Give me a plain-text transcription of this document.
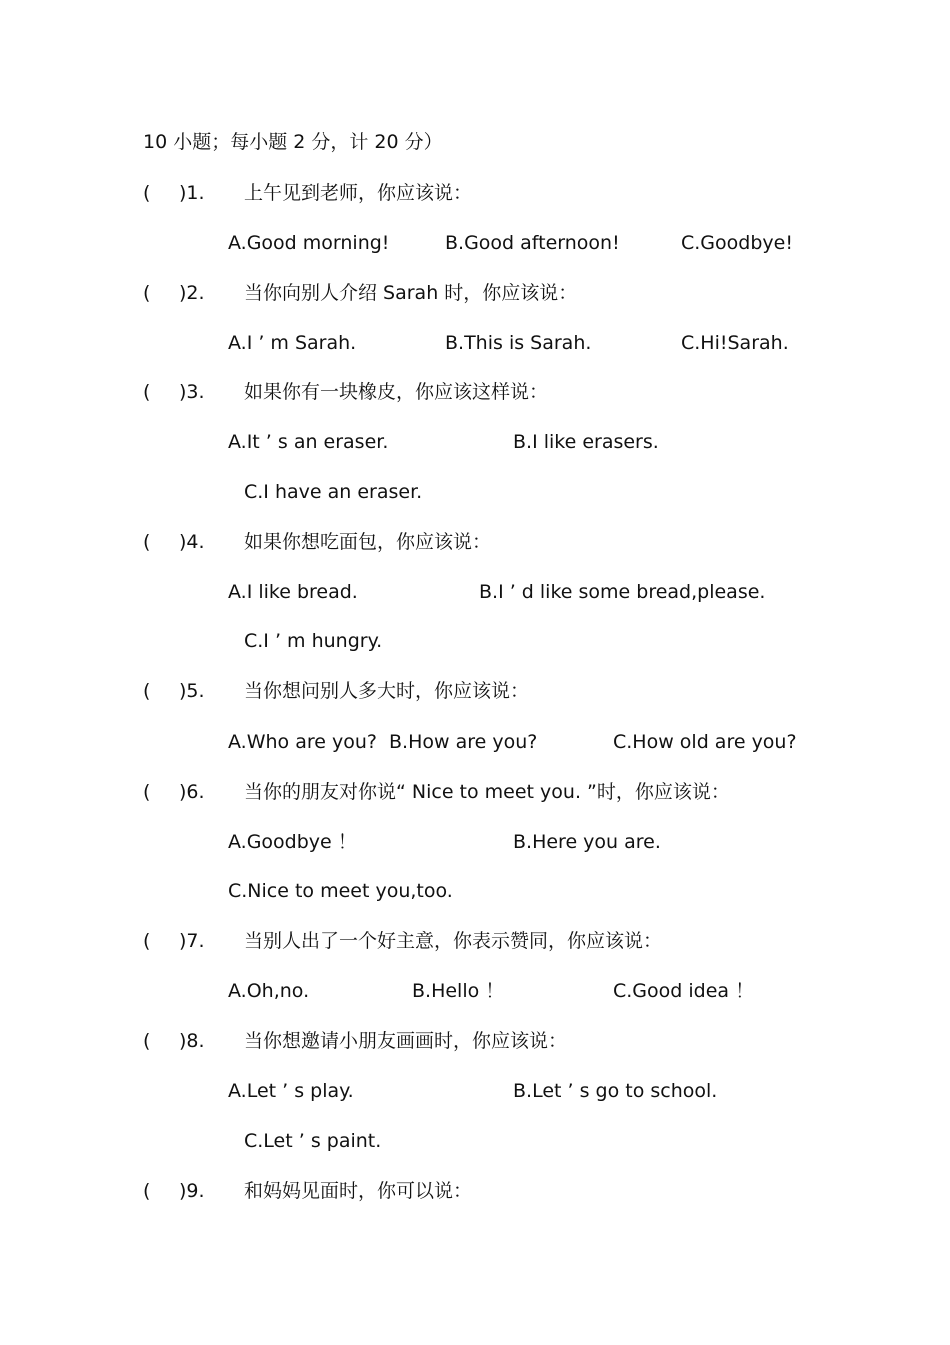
10 小题；每小题 2 分，计 20 分）
( )1. 上午见到老师，你应该说：
A.Good morning!	B.Good afternoon!	C.Goodbye!
( )2. 当你向别人介绍 Sarah 时，你应该说：
A.I ’ m Sarah.	B.This is Sarah.	C.Hi!Sarah.
( )3. 如果你有一块橡皮，你应该这样说：
A.It ’ s an eraser.	B.I like erasers.
C.I have an eraser.
( )4. 如果你想吃面包，你应该说：
A.I like bread.	B.I ’ d like some bread,please.
C.I ’ m hungry.
( )5. 当你想问别人多大时，你应该说：
A.Who are you? B.How are you?	C.How old are you?
( )6. 当你的朋友对你说“ Nice to meet you. ”时，你应该说：
A.Goodbye ！	B.Here you are.
C.Nice to meet you,too.
( )7. 当别人出了一个好主意，你表示赞同，你应该说：
A.Oh,no.	B.Hello ！	C.Good idea ！
( )8. 当你想邀请小朋友画画时，你应该说：
A.Let ’ s play.	B.Let ’ s go to school.
C.Let ’ s paint.
( )9. 和妈妈见面时，你可以说：
